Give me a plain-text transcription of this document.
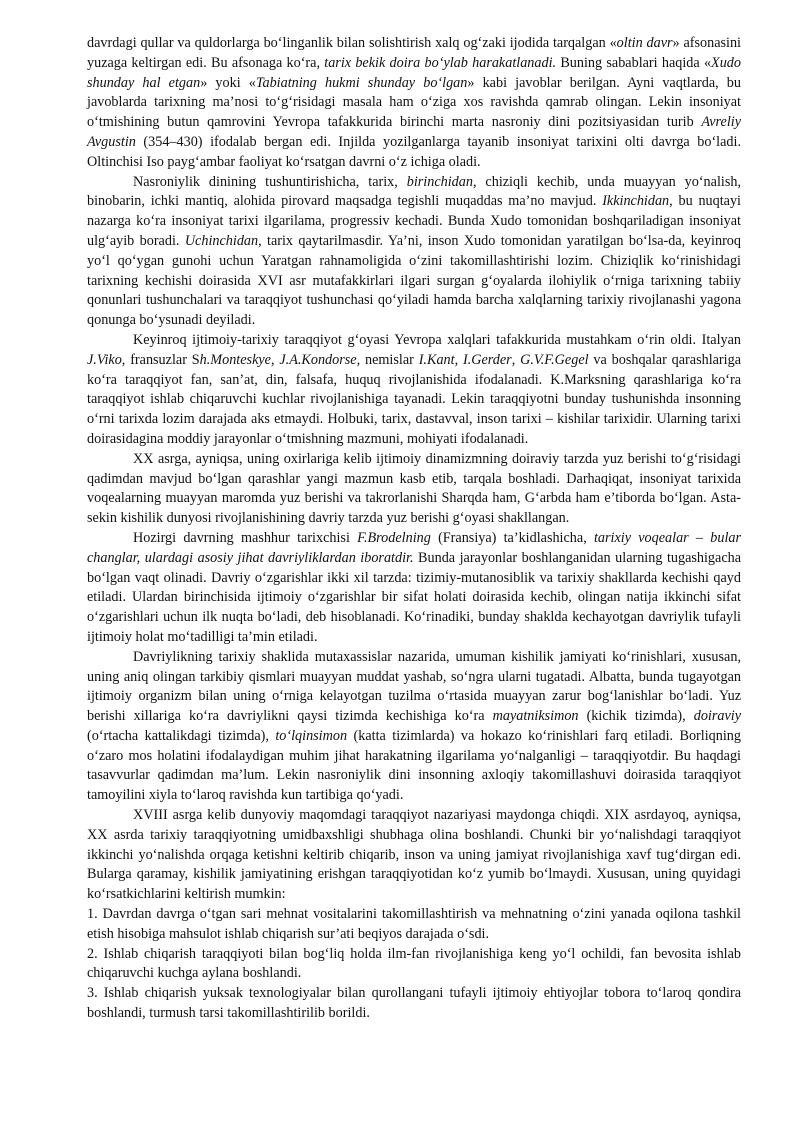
davrdagi qullar va quldorlarga bo‘linganlik bilan solishtirish xalq og‘zaki ijodida tarqalgan «oltin davr» afsonasini yuzaga keltirgan edi. Bu afsonaga ko‘ra, tarix bekik doira bo‘ylab harakatlanadi. Buning sabablari haqida «Xudo shunday hal etgan» yoki «Tabiatning hukmi shunday bo‘lgan» kabi javoblar berilgan. Ayni vaqtlarda, bu javoblarda tarixning ma’nosi to‘g‘risidagi masala ham o‘ziga xos ravishda qamrab olingan. Lekin insoniyat o‘tmishining butun qamrovini Yevropa tafakkurida birinchi marta nasroniy dini pozitsiyasidan turib Avreliy Avgustin (354–430) ifodalab bergan edi. Injilda yozilganlarga tayanib insoniyat tarixini olti davrga bo‘ladi. Oltinchisi Iso payg‘ambar faoliyat ko‘rsatgan davrni o‘z ichiga oladi.

Nasroniylik dinining tushuntirishicha, tarix, birinchidan, chiziqli kechib, unda muayyan yo‘nalish, binobarin, ichki mantiq, alohida pirovard maqsadga tegishli muqaddas ma’no mavjud. Ikkinchidan, bu nuqtayi nazarga ko‘ra insoniyat tarixi ilgarilama, progressiv kechadi. Bunda Xudo tomonidan boshqariladigan insoniyat ulg‘ayib boradi. Uchinchidan, tarix qaytarilmasdir. Ya’ni, inson Xudo tomonidan yaratilgan bo‘lsa-da, keyinroq yo‘l qo‘ygan gunohi uchun Yaratgan rahnamoligida o‘zini takomillashtirishi lozim. Chiziqlik ko‘rinishidagi tarixning kechishi doirasida XVI asr mutafakkirlari ilgari surgan g‘oyalarda ilohiylik o‘rniga tarixning tabiiy qonunlari tushunchalari va taraqqiyot tushunchasi qo‘yiladi hamda barcha xalqlarning tarixiy rivojlanashi yagona qonunga bo‘ysunadi deyiladi.

Keyinroq ijtimoiy-tarixiy taraqqiyot g‘oyasi Yevropa xalqlari tafakkurida mustahkam o‘rin oldi. Italyan J.Viko, fransuzlar Sh.Monteskye, J.A.Kondorse, nemislar I.Kant, I.Gerder, G.V.F.Gegel va boshqalar qarashlariga ko‘ra taraqqiyot fan, san’at, din, falsafa, huquq rivojlanishida ifodalanadi. K.Marksning qarashlariga ko‘ra taraqqiyot ishlab chiqaruvchi kuchlar rivojlanishiga tayanadi. Lekin taraqqiyotni bunday tushunishda insonning o‘rni tarixda lozim darajada aks etmaydi. Holbuki, tarix, dastavval, inson tarixi – kishilar tarixidir. Ularning tarixi doirasidagina moddiy jarayonlar o‘tmishning mazmuni, mohiyati ifodalanadi.

XX asrga, ayniqsa, uning oxirlariga kelib ijtimoiy dinamizmning doiraviy tarzda yuz berishi to‘g‘risidagi qadimdan mavjud bo‘lgan qarashlar yangi mazmun kasb etib, tarqala boshladi. Darhaqiqat, insoniyat tarixida voqealarning muayyan maromda yuz berishi va takrorlanishi Sharqda ham, G‘arbda ham e’tiborda bo‘lgan. Asta-sekin kishilik dunyosi rivojlanishining davriy tarzda yuz berishi g‘oyasi shakllangan.

Hozirgi davrning mashhur tarixchisi F.Brodelning (Fransiya) ta’kidlashicha, tarixiy voqealar – bular changlar, ulardagi asosiy jihat davriyliklardan iboratdir. Bunda jarayonlar boshlanganidan ularning tugashigacha bo‘lgan vaqt olinadi. Davriy o‘zgarishlar ikki xil tarzda: tizimiy-mutanosiblik va tarixiy shakllarda kechishi qayd etiladi. Ulardan birinchisida ijtimoiy o‘zgarishlar bir sifat holati doirasida kechib, olingan natija ikkinchi sifat o‘zgarishlari uchun ilk nuqta bo‘ladi, deb hisoblanadi. Ko‘rinadiki, bunday shaklda kechayotgan davriylik tufayli ijtimoiy holat mo‘tadilligi ta’min etiladi.

Davriylikning tarixiy shaklida mutaxassislar nazarida, umuman kishilik jamiyati ko‘rinishlari, xususan, uning aniq olingan tarkibiy qismlari muayyan muddat yashab, so‘ngra ularni tugatadi. Albatta, bunda tugayotgan ijtimoiy organizm bilan uning o‘rniga kelayotgan tuzilma o‘rtasida muayyan zarur bog‘lanishlar bo‘ladi. Yuz berishi xillariga ko‘ra davriylikni qaysi tizimda kechishiga ko‘ra mayatniksimon (kichik tizimda), doiraviy (o‘rtacha kattalikdagi tizimda), to‘lqinsimon (katta tizimlarda) va hokazo ko‘rinishlari farq etiladi. Borliqning o‘zaro mos holatini ifodalaydigan muhim jihat harakatning ilgarilama yo‘nalganligi – taraqqiyotdir. Bu haqdagi tasavvurlar qadimdan ma’lum. Lekin nasroniylik dini insonning axloqiy takomillashuvi doirasida taraqqiyot tamoyilini xiyla to‘laroq ravishda kun tartibiga qo‘yadi.

XVIII asrga kelib dunyoviy maqomdagi taraqqiyot nazariyasi maydonga chiqdi. XIX asrdayoq, ayniqsa, XX asrda tarixiy taraqqiyotning umidbaxshligi shubhaga olina boshlandi. Chunki bir yo‘nalishdagi taraqqiyot ikkinchi yo‘nalishda orqaga ketishni keltirib chiqarib, inson va uning jamiyat rivojlanishiga xavf tug‘dirgan edi. Bularga qaramay, kishilik jamiyatining erishgan taraqqiyotidan ko‘z yumib bo‘lmaydi. Xususan, uning quyidagi ko‘rsatkichlarini keltirish mumkin:

1. Davrdan davrga o‘tgan sari mehnat vositalarini takomillashtirish va mehnatning o‘zini yanada oqilona tashkil etish hisobiga mahsulot ishlab chiqarish sur’ati beqiyos darajada o‘sdi.

2. Ishlab chiqarish taraqqiyoti bilan bog‘liq holda ilm-fan rivojlanishiga keng yo‘l ochildi, fan bevosita ishlab chiqaruvchi kuchga aylana boshlandi.

3. Ishlab chiqarish yuksak texnologiyalar bilan qurollangani tufayli ijtimoiy ehtiyojlar tobora to‘laroq qondira boshlandi, turmush tarsi takomillashtirilib borildi.
